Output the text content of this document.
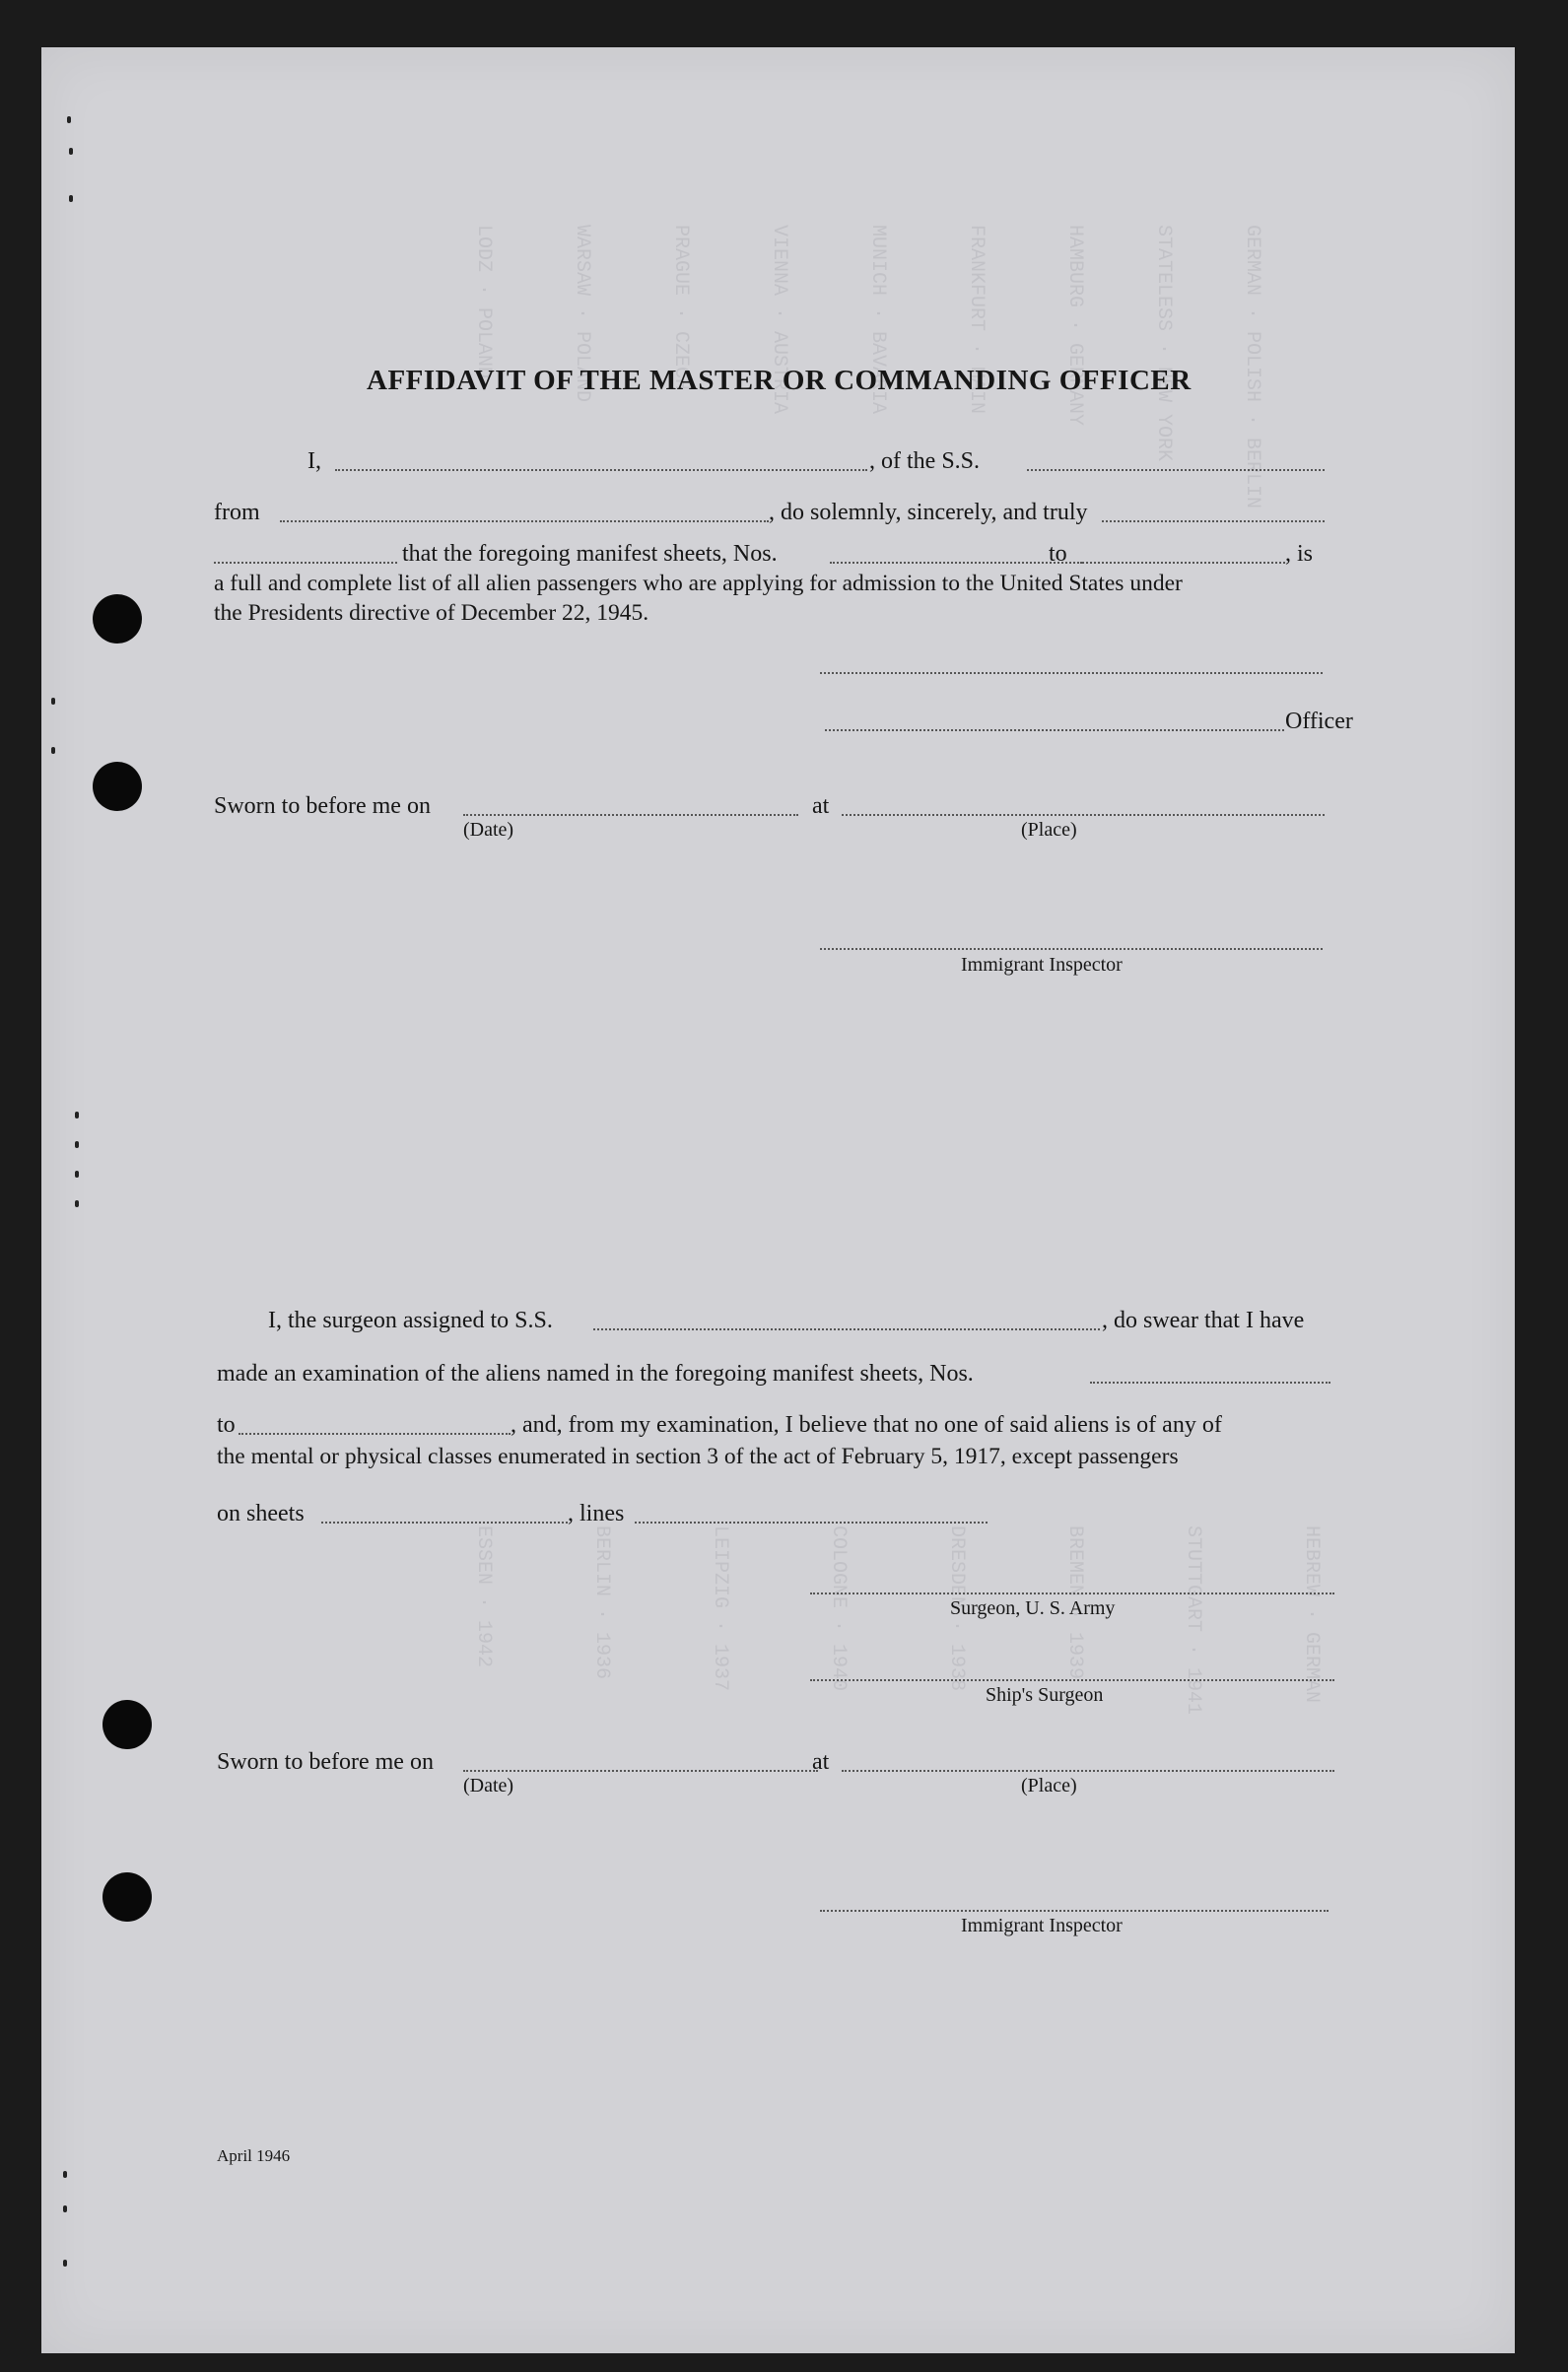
GERMAN · POLISH · BERLIN
STATELESS · NEW YORK
HAMBURG · GERMANY
FRANKFURT · MAIN
MUNICH · BAVARIA
VIENNA · AUSTRIA
PRAGUE · CZECH
WARSAW · POLAND
LODZ · POLAND
HEBREW · GERMAN
STUTTGART · 1941
BREMEN · 1939
DRESDEN · 1938
COLOGNE · 1940
LEIPZIG · 1937
BERLIN · 1936
ESSEN · 1942
AFFIDAVIT OF THE MASTER OR COMMANDING OFFICER
I,	, of the S.S.
from	, do solemnly, sincerely, and truly
that the foregoing manifest sheets, Nos.	to	, is
a full and complete list of all alien passengers who are applying for admission to the United States under
the Presidents directive of December 22, 1945.
Officer
Sworn to before me on	at
(Date)	(Place)
Immigrant Inspector
I, the surgeon assigned to S.S.	, do swear that I have
made an examination of the aliens named in the foregoing manifest sheets, Nos.
to	, and, from my examination, I believe that no one of said aliens is of any of
the mental or physical classes enumerated in section 3 of the act of February 5, 1917, except passengers
on sheets	, lines
Surgeon, U. S. Army
Ship's Surgeon
Sworn to before me on	at
(Date)	(Place)
Immigrant Inspector
April 1946
